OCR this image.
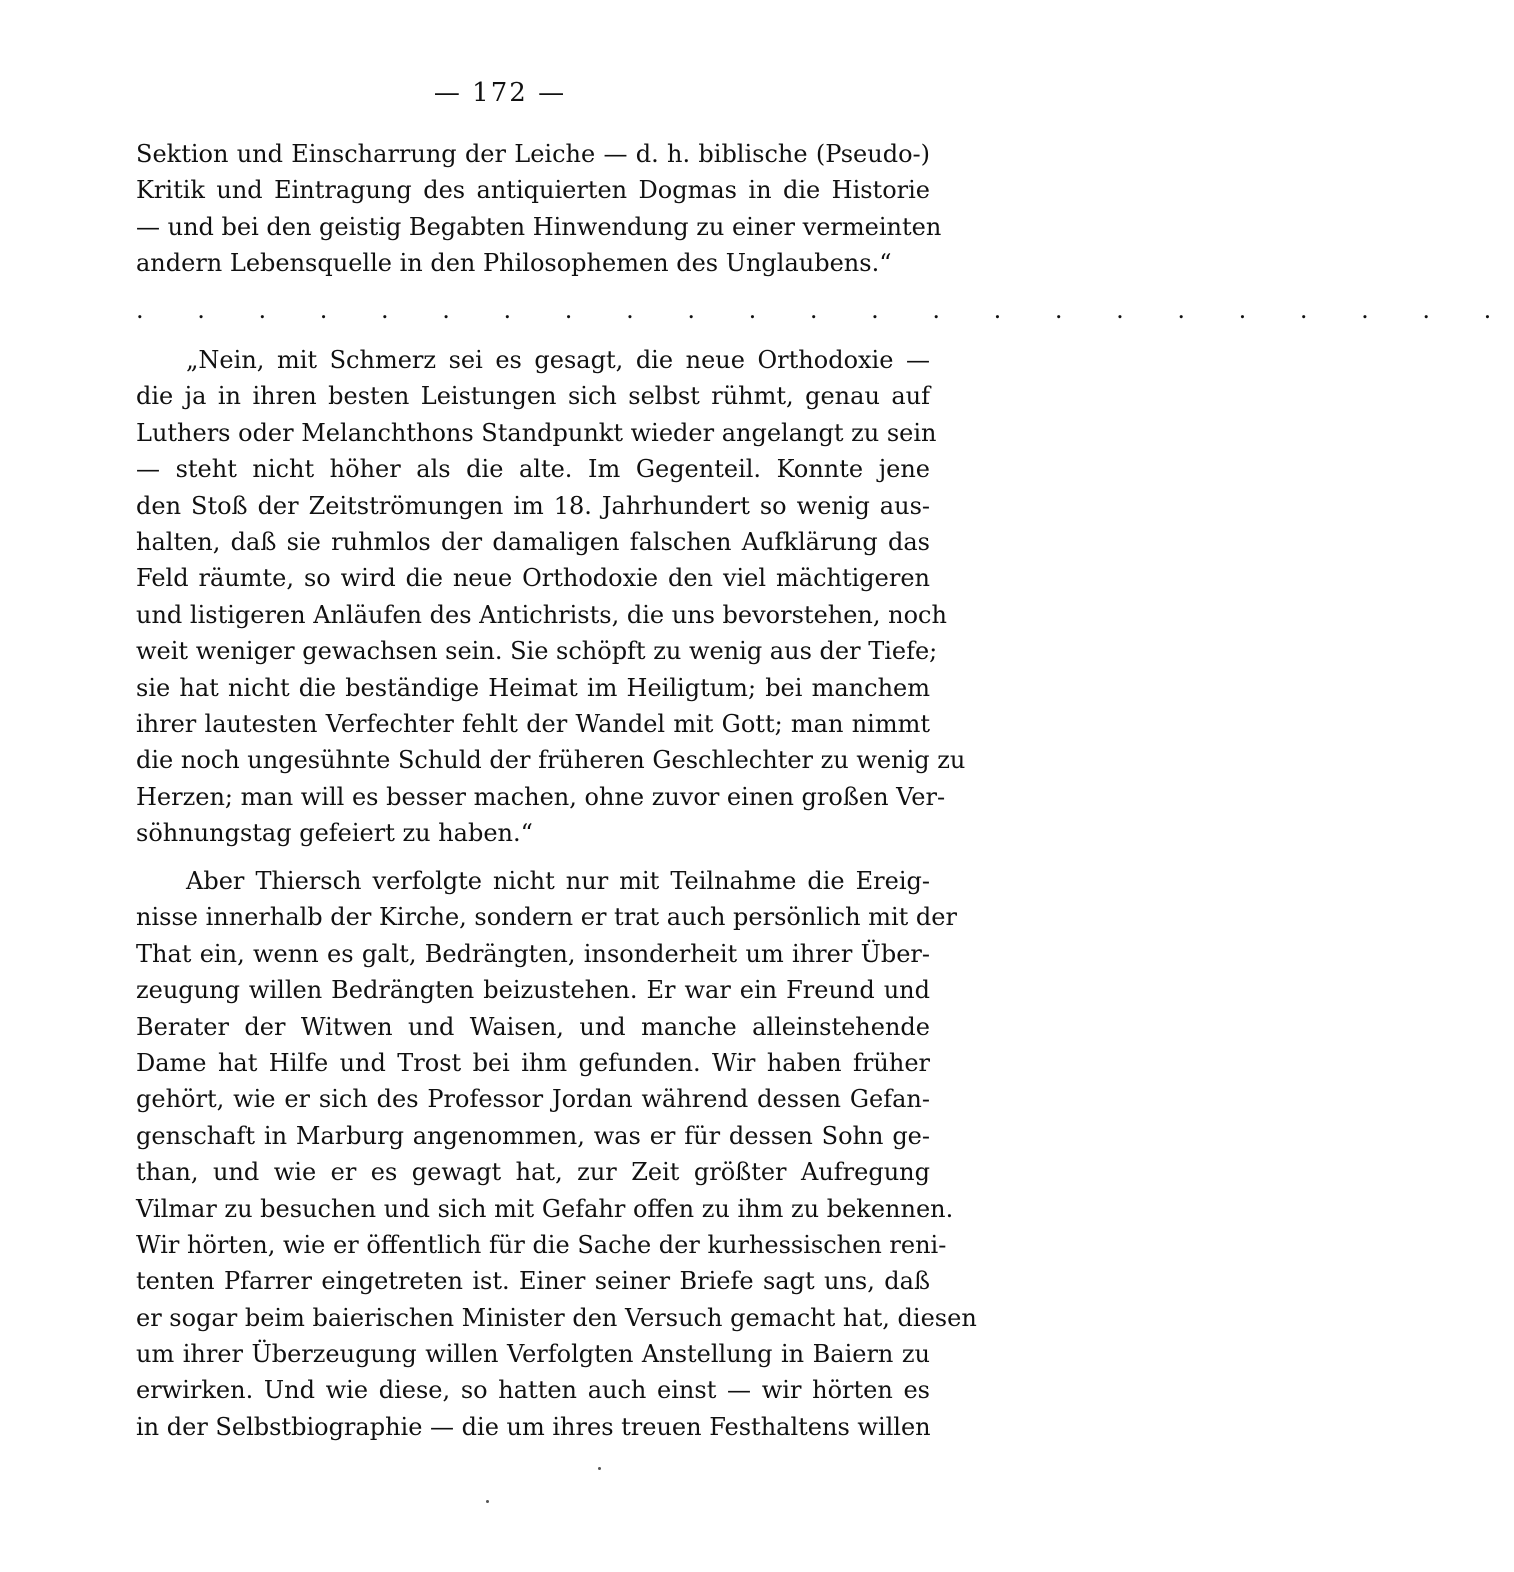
— 172 —
Sektion und Einscharrung der Leiche — d. h. biblische (Pseudo-)
Kritik und Eintragung des antiquierten Dogmas in die Historie
— und bei den geistig Begabten Hinwendung zu einer vermeinten
andern Lebensquelle in den Philosophemen des Unglaubens.“
. . . . . . . . . . . . . . . . . . . . . . .
„Nein, mit Schmerz sei es gesagt, die neue Orthodoxie —
die ja in ihren besten Leistungen sich selbst rühmt, genau auf
Luthers oder Melanchthons Standpunkt wieder angelangt zu sein
— steht nicht höher als die alte. Im Gegenteil. Konnte jene
den Stoß der Zeitströmungen im 18. Jahrhundert so wenig aus-
halten, daß sie ruhmlos der damaligen falschen Aufklärung das
Feld räumte, so wird die neue Orthodoxie den viel mächtigeren
und listigeren Anläufen des Antichrists, die uns bevorstehen, noch
weit weniger gewachsen sein. Sie schöpft zu wenig aus der Tiefe;
sie hat nicht die beständige Heimat im Heiligtum; bei manchem
ihrer lautesten Verfechter fehlt der Wandel mit Gott; man nimmt
die noch ungesühnte Schuld der früheren Geschlechter zu wenig zu
Herzen; man will es besser machen, ohne zuvor einen großen Ver-
söhnungstag gefeiert zu haben.“
Aber Thiersch verfolgte nicht nur mit Teilnahme die Ereig-
nisse innerhalb der Kirche, sondern er trat auch persönlich mit der
That ein, wenn es galt, Bedrängten, insonderheit um ihrer Über-
zeugung willen Bedrängten beizustehen. Er war ein Freund und
Berater der Witwen und Waisen, und manche alleinstehende
Dame hat Hilfe und Trost bei ihm gefunden. Wir haben früher
gehört, wie er sich des Professor Jordan während dessen Gefan-
genschaft in Marburg angenommen, was er für dessen Sohn ge-
than, und wie er es gewagt hat, zur Zeit größter Aufregung
Vilmar zu besuchen und sich mit Gefahr offen zu ihm zu bekennen.
Wir hörten, wie er öffentlich für die Sache der kurhessischen reni-
tenten Pfarrer eingetreten ist. Einer seiner Briefe sagt uns, daß
er sogar beim baierischen Minister den Versuch gemacht hat, diesen
um ihrer Überzeugung willen Verfolgten Anstellung in Baiern zu
erwirken. Und wie diese, so hatten auch einst — wir hörten es
in der Selbstbiographie — die um ihres treuen Festhaltens willen
